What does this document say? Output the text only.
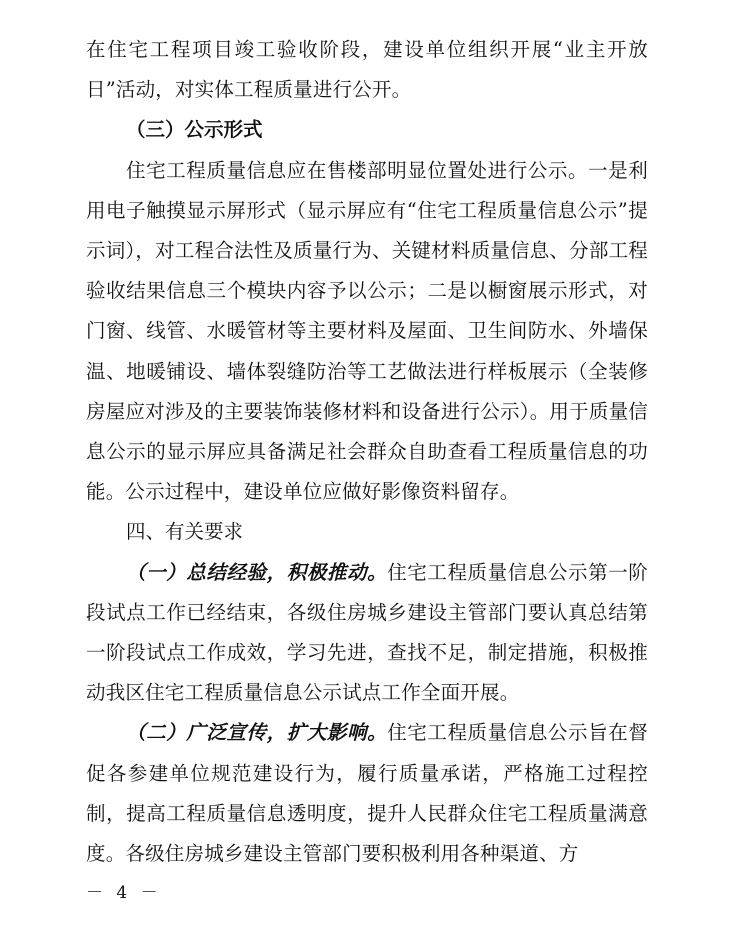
在住宅工程项目竣工验收阶段，建设单位组织开展“业主开放日”活动，对实体工程质量进行公开。

（三）公示形式

住宅工程质量信息应在售楼部明显位置处进行公示。一是利用电子触摸显示屏形式（显示屏应有“住宅工程质量信息公示”提示词），对工程合法性及质量行为、关键材料质量信息、分部工程验收结果信息三个模块内容予以公示；二是以橱窗展示形式，对门窗、线管、水暖管材等主要材料及屋面、卫生间防水、外墙保温、地暖铺设、墙体裂缝防治等工艺做法进行样板展示（全装修房屋应对涉及的主要装饰装修材料和设备进行公示）。用于质量信息公示的显示屏应具备满足社会群众自助查看工程质量信息的功能。公示过程中，建设单位应做好影像资料留存。

四、有关要求

（一）总结经验，积极推动。住宅工程质量信息公示第一阶段试点工作已经结束，各级住房城乡建设主管部门要认真总结第一阶段试点工作成效，学习先进，查找不足，制定措施，积极推动我区住宅工程质量信息公示试点工作全面开展。

（二）广泛宣传，扩大影响。住宅工程质量信息公示旨在督促各参建单位规范建设行为，履行质量承诺，严格施工过程控制，提高工程质量信息透明度，提升人民群众住宅工程质量满意度。各级住房城乡建设主管部门要积极利用各种渠道、方

－ 4 －
